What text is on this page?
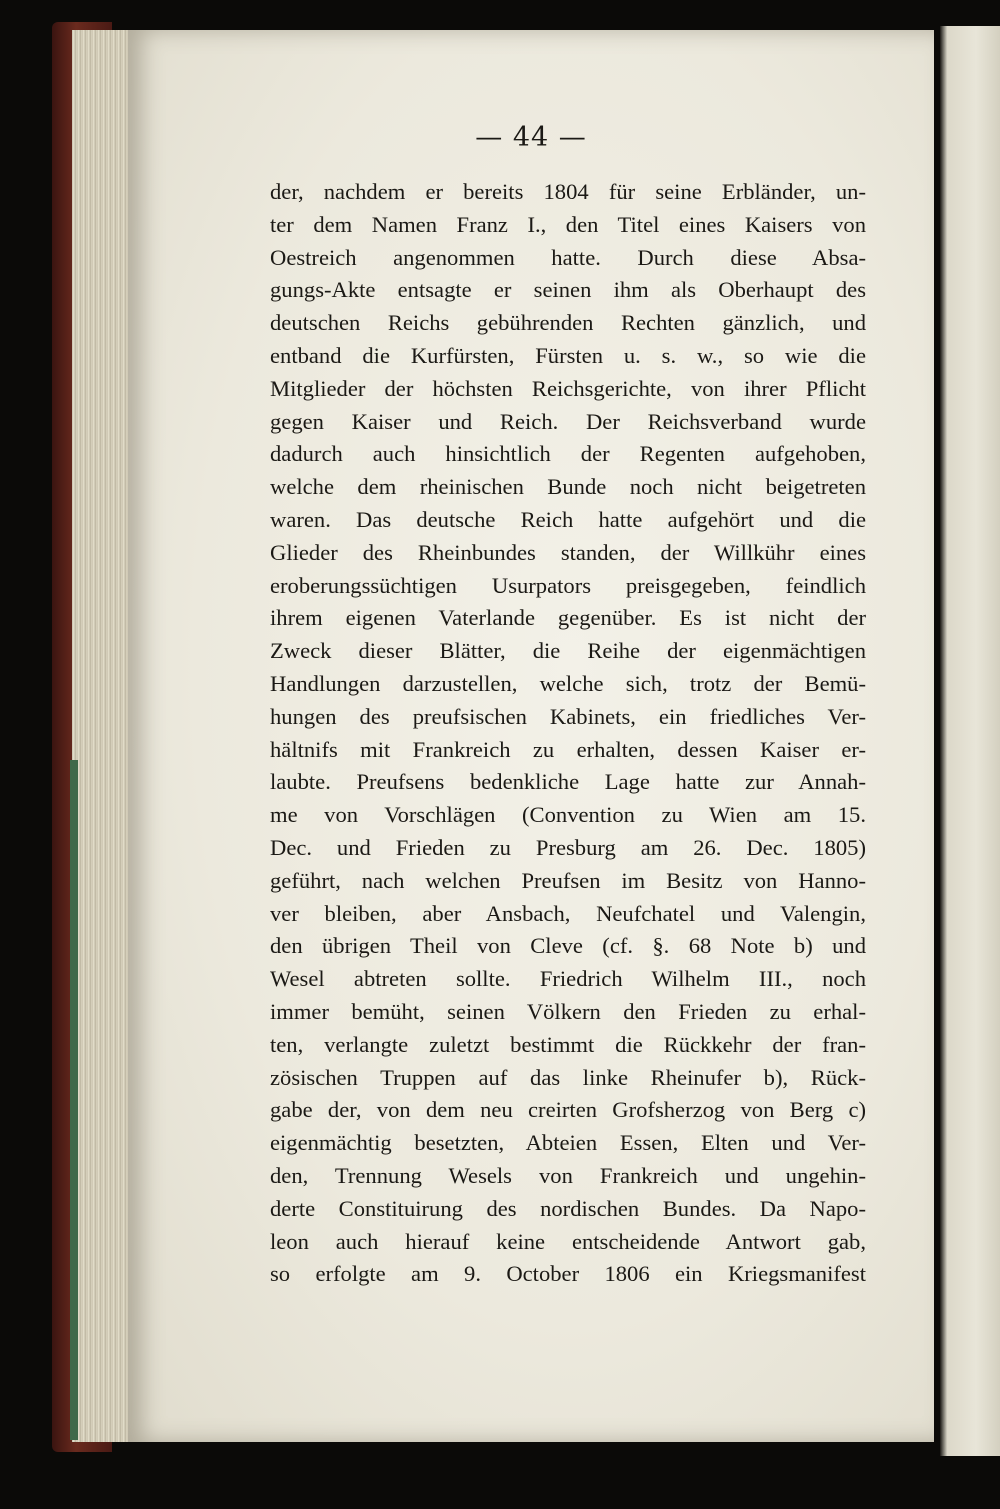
— 44 —
der, nachdem er bereits 1804 für seine Erbländer, un-
ter dem Namen Franz I., den Titel eines Kaisers von
Oestreich angenommen hatte. Durch diese Absa-
gungs-Akte entsagte er seinen ihm als Oberhaupt des
deutschen Reichs gebührenden Rechten gänzlich, und
entband die Kurfürsten, Fürsten u. s. w., so wie die
Mitglieder der höchsten Reichsgerichte, von ihrer Pflicht
gegen Kaiser und Reich. Der Reichsverband wurde
dadurch auch hinsichtlich der Regenten aufgehoben,
welche dem rheinischen Bunde noch nicht beigetreten
waren. Das deutsche Reich hatte aufgehört und die
Glieder des Rheinbundes standen, der Willkühr eines
eroberungssüchtigen Usurpators preisgegeben, feindlich
ihrem eigenen Vaterlande gegenüber. Es ist nicht der
Zweck dieser Blätter, die Reihe der eigenmächtigen
Handlungen darzustellen, welche sich, trotz der Bemü-
hungen des preufsischen Kabinets, ein friedliches Ver-
hältnifs mit Frankreich zu erhalten, dessen Kaiser er-
laubte. Preufsens bedenkliche Lage hatte zur Annah-
me von Vorschlägen (Convention zu Wien am 15.
Dec. und Frieden zu Presburg am 26. Dec. 1805)
geführt, nach welchen Preufsen im Besitz von Hanno-
ver bleiben, aber Ansbach, Neufchatel und Valengin,
den übrigen Theil von Cleve (cf. §. 68 Note b) und
Wesel abtreten sollte. Friedrich Wilhelm III., noch
immer bemüht, seinen Völkern den Frieden zu erhal-
ten, verlangte zuletzt bestimmt die Rückkehr der fran-
zösischen Truppen auf das linke Rheinufer b), Rück-
gabe der, von dem neu creirten Grofsherzog von Berg c)
eigenmächtig besetzten, Abteien Essen, Elten und Ver-
den, Trennung Wesels von Frankreich und ungehin-
derte Constituirung des nordischen Bundes. Da Napo-
leon auch hierauf keine entscheidende Antwort gab,
so erfolgte am 9. October 1806 ein Kriegsmanifest
